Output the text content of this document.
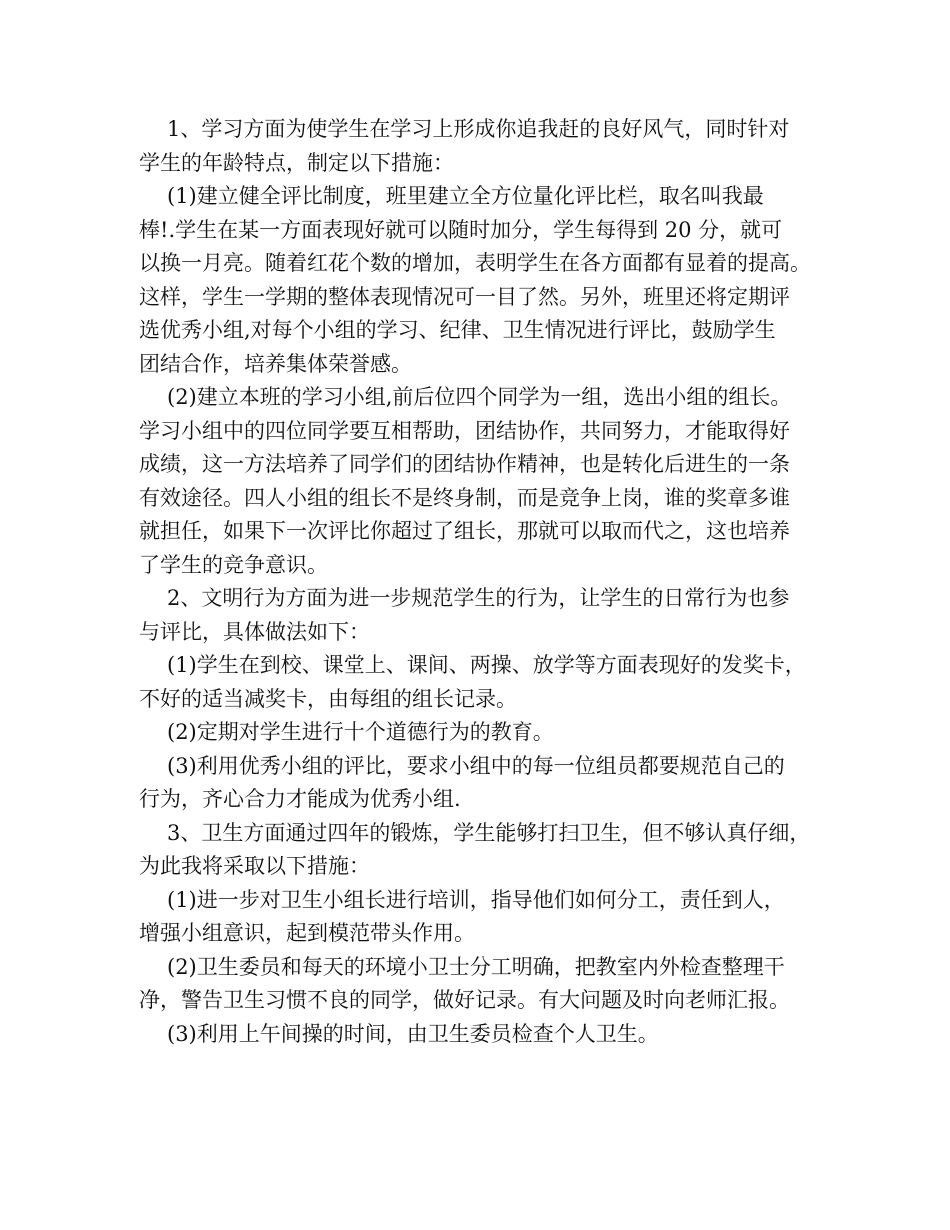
1、学习方面为使学生在学习上形成你追我赶的良好风气，同时针对
学生的年龄特点，制定以下措施：

(1)建立健全评比制度，班里建立全方位量化评比栏，取名叫我最
棒!.学生在某一方面表现好就可以随时加分，学生每得到 20 分，就可
以换一月亮。随着红花个数的增加，表明学生在各方面都有显着的提高。
这样，学生一学期的整体表现情况可一目了然。另外，班里还将定期评
选优秀小组,对每个小组的学习、纪律、卫生情况进行评比，鼓励学生
团结合作，培养集体荣誉感。

(2)建立本班的学习小组,前后位四个同学为一组，选出小组的组长。
学习小组中的四位同学要互相帮助，团结协作，共同努力，才能取得好
成绩，这一方法培养了同学们的团结协作精神，也是转化后进生的一条
有效途径。四人小组的组长不是终身制，而是竞争上岗，谁的奖章多谁
就担任，如果下一次评比你超过了组长，那就可以取而代之，这也培养
了学生的竞争意识。

2、文明行为方面为进一步规范学生的行为，让学生的日常行为也参
与评比，具体做法如下：

(1)学生在到校、课堂上、课间、两操、放学等方面表现好的发奖卡，
不好的适当减奖卡，由每组的组长记录。

(2)定期对学生进行十个道德行为的教育。

(3)利用优秀小组的评比，要求小组中的每一位组员都要规范自己的
行为，齐心合力才能成为优秀小组.

3、卫生方面通过四年的锻炼，学生能够打扫卫生，但不够认真仔细，
为此我将采取以下措施：

(1)进一步对卫生小组长进行培训，指导他们如何分工，责任到人，
增强小组意识，起到模范带头作用。

(2)卫生委员和每天的环境小卫士分工明确，把教室内外检查整理干
净，警告卫生习惯不良的同学，做好记录。有大问题及时向老师汇报。

(3)利用上午间操的时间，由卫生委员检查个人卫生。
